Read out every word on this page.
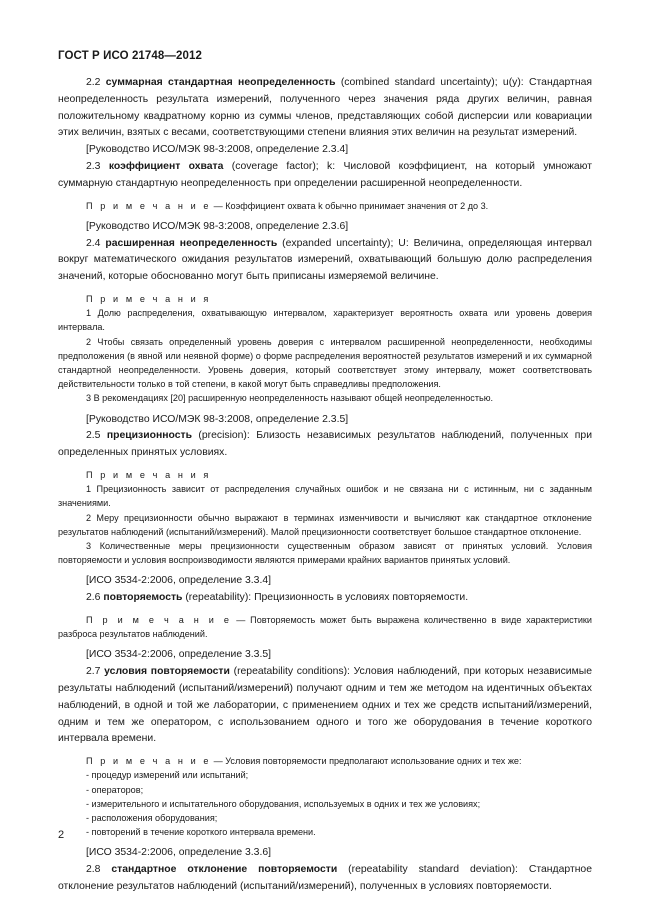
ГОСТ Р ИСО 21748—2012

2.2 суммарная стандартная неопределенность (combined standard uncertainty); u(y): Стандартная неопределенность результата измерений, полученного через значения ряда других величин, равная положительному квадратному корню из суммы членов, представляющих собой дисперсии или ковариации этих величин, взятых с весами, соответствующими степени влияния этих величин на результат измерений.

[Руководство ИСО/МЭК 98-3:2008, определение 2.3.4]

2.3 коэффициент охвата (coverage factor); k: Числовой коэффициент, на который умножают суммарную стандартную неопределенность при определении расширенной неопределенности.

П р и м е ч а н и е — Коэффициент охвата k обычно принимает значения от 2 до 3.

[Руководство ИСО/МЭК 98-3:2008, определение 2.3.6]

2.4 расширенная неопределенность (expanded uncertainty); U: Величина, определяющая интервал вокруг математического ожидания результатов измерений, охватывающий большую долю распределения значений, которые обоснованно могут быть приписаны измеряемой величине.

П р и м е ч а н и я

1 Долю распределения, охватывающую интервалом, характеризует вероятность охвата или уровень доверия интервала.

2 Чтобы связать определенный уровень доверия с интервалом расширенной неопределенности, необходимы предположения (в явной или неявной форме) о форме распределения вероятностей результатов измерений и их суммарной стандартной неопределенности. Уровень доверия, который соответствует этому интервалу, может соответствовать действительности только в той степени, в какой могут быть справедливы предположения.

3 В рекомендациях [20] расширенную неопределенность называют общей неопределенностью.

[Руководство ИСО/МЭК 98-3:2008, определение 2.3.5]

2.5 прецизионность (precision): Близость независимых результатов наблюдений, полученных при определенных принятых условиях.

П р и м е ч а н и я

1 Прецизионность зависит от распределения случайных ошибок и не связана ни с истинным, ни с заданным значениями.

2 Меру прецизионности обычно выражают в терминах изменчивости и вычисляют как стандартное отклонение результатов наблюдений (испытаний/измерений). Малой прецизионности соответствует большое стандартное отклонение.

3 Количественные меры прецизионности существенным образом зависят от принятых условий. Условия повторяемости и условия воспроизводимости являются примерами крайних вариантов принятых условий.

[ИСО 3534-2:2006, определение 3.3.4]

2.6 повторяемость (repeatability): Прецизионность в условиях повторяемости.

П р и м е ч а н и е — Повторяемость может быть выражена количественно в виде характеристики разброса результатов наблюдений.

[ИСО 3534-2:2006, определение 3.3.5]

2.7 условия повторяемости (repeatability conditions): Условия наблюдений, при которых независимые результаты наблюдений (испытаний/измерений) получают одним и тем же методом на идентичных объектах наблюдений, в одной и той же лаборатории, с применением одних и тех же средств испытаний/измерений, одним и тем же оператором, с использованием одного и того же оборудования в течение короткого интервала времени.

П р и м е ч а н и е — Условия повторяемости предполагают использование одних и тех же:

- процедур измерений или испытаний;
- операторов;
- измерительного и испытательного оборудования, используемых в одних и тех же условиях;
- расположения оборудования;
- повторений в течение короткого интервала времени.

[ИСО 3534-2:2006, определение 3.3.6]

2.8 стандартное отклонение повторяемости (repeatability standard deviation): Стандартное отклонение результатов наблюдений (испытаний/измерений), полученных в условиях повторяемости.

2
